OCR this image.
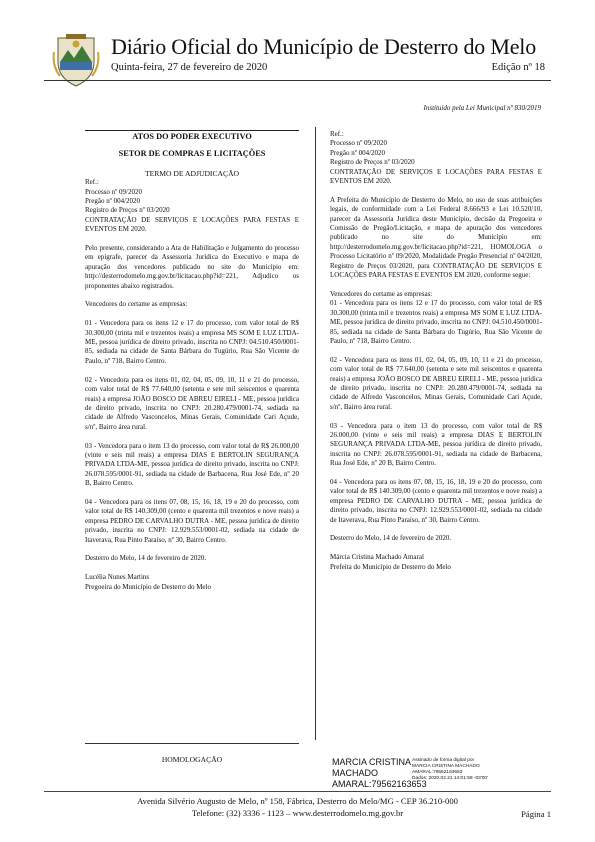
Diário Oficial do Município de Desterro do Melo
Quinta-feira, 27 de fevereiro de 2020	Edição nº 18
Instituído pela Lei Municipal nº 830/2019

ATOS DO PODER EXECUTIVO

SETOR DE COMPRAS E LICITAÇÕES

TERMO DE ADJUDICAÇÃO

Ref.:

Processo nº 09/2020

Pregão nº 004/2020

Registro de Preços nº 03/2020

CONTRATAÇÃO DE SERVIÇOS E LOCAÇÕES PARA FESTAS E EVENTOS EM 2020.

Pelo presente, considerando a Ata de Habilitação e Julgamento do processo em epígrafe, parecer da Assessoria Jurídica do Executivo e mapa de apuração dos vencedores publicado no site do Município em: http://desterrodomelo.mg.gov.br/licitacao.php?id=221, Adjudico os proponentes abaixo registrados.

Vencedores do certame as empresas:

01 - Vencedora para os itens 12 e 17 do processo, com valor total de R$ 30.300,00 (trinta mil e trezentos reais) a empresa MS SOM E LUZ LTDA-ME, pessoa jurídica de direito privado, inscrita no CNPJ: 04.510.450/0001-85, sediada na cidade de Santa Bárbara do Tugúrio, Rua São Vicente de Paulo, nº 718, Bairro Centro.

02 - Vencedora para os itens 01, 02, 04, 05, 09, 10, 11 e 21 do processo, com valor total de R$ 77.640,00 (setenta e sete mil seiscentos e quarenta reais) a empresa JOÃO BOSCO DE ABREU EIRELI - ME, pessoa jurídica de direito privado, inscrita no CNPJ: 20.280.479/0001-74, sediada na cidade de Alfredo Vasconcelos, Minas Gerais, Comunidade Cari Açude, s/nº, Bairro área rural.

03 - Vencedora para o item 13 do processo, com valor total de R$ 26.000,00 (vinte e seis mil reais) a empresa DIAS E BERTOLIN SEGURANÇA PRIVADA LTDA-ME, pessoa jurídica de direito privado, inscrita no CNPJ: 26.078.595/0001-91, sediada na cidade de Barbacena, Rua José Ede, nº 20 B, Bairro Centro.

04 - Vencedora para os itens 07, 08, 15, 16, 18, 19 e 20 do processo, com valor total de R$ 140.309,00 (cento e quarenta mil trezentos e nove reais) a empresa PEDRO DE CARVALHO DUTRA - ME, pessoa jurídica de direito privado, inscrita no CNPJ: 12.929.553/0001-02, sediada na cidade de Itaverava, Rua Pinto Paraíso, nº 30, Bairro Centro.

Desterro do Melo, 14 de fevereiro de 2020.

Lucélia Nunes Martins

Pregoeira do Município de Desterro do Melo

HOMOLOGAÇÃO

Ref.:

Processo nº 09/2020

Pregão nº 004/2020

Registro de Preços nº 03/2020

CONTRATAÇÃO DE SERVIÇOS E LOCAÇÕES PARA FESTAS E EVENTOS EM 2020.

A Prefeita do Município de Desterro do Melo, no uso de suas atribuições legais, de conformidade com a Lei Federal 8.666/93 e Lei 10.520/10, parecer da Assessoria Jurídica deste Município, decisão da Pregoeira e Comissão de Pregão/Licitação, e mapa de apuração dos vencedores publicado no site do Município em: http://desterrodomelo.mg.gov.br/licitacao.php?id=221, HOMOLOGA o Processo Licitatório nº 09/2020, Modalidade Pregão Presencial nº 04/2020, Registro de Preços 03/2020, para CONTRATAÇÃO DE SERVIÇOS E LOCAÇÕES PARA FESTAS E EVENTOS EM 2020, conforme segue:

Vencedores do certame as empresas:

01 - Vencedora para os itens 12 e 17 do processo, com valor total de R$ 30.300,00 (trinta mil e trezentos reais) a empresa MS SOM E LUZ LTDA-ME, pessoa jurídica de direito privado, inscrita no CNPJ: 04.510.450/0001-85, sediada na cidade de Santa Bárbara do Tugúrio, Rua São Vicente de Paulo, nº 718, Bairro Centro.

02 - Vencedora para os itens 01, 02, 04, 05, 09, 10, 11 e 21 do processo, com valor total de R$ 77.640,00 (setenta e sete mil seiscentos e quarenta reais) a empresa JOÃO BOSCO DE ABREU EIRELI - ME, pessoa jurídica de direito privado, inscrita no CNPJ: 20.280.479/0001-74, sediada na cidade de Alfredo Vasconcelos, Minas Gerais, Comunidade Cari Açude, s/nº, Bairro área rural.

03 - Vencedora para o item 13 do processo, com valor total de R$ 26.000,00 (vinte e seis mil reais) a empresa DIAS E BERTOLIN SEGURANÇA PRIVADA LTDA-ME, pessoa jurídica de direito privado, inscrita no CNPJ: 26.078.595/0001-91, sediada na cidade de Barbacena, Rua José Ede, nº 20 B, Bairro Centro.

04 - Vencedora para os itens 07, 08, 15, 16, 18, 19 e 20 do processo, com valor total de R$ 140.309,00 (cento e quarenta mil trezentos e nove reais) a empresa PEDRO DE CARVALHO DUTRA - ME, pessoa jurídica de direito privado, inscrita no CNPJ: 12.929.553/0001-02, sediada na cidade de Itaverava, Rua Pinto Paraíso, nº 30, Bairro Centro.

Desterro do Melo, 14 de fevereiro de 2020.

Márcia Cristina Machado Amaral

Prefeita do Município de Desterro do Melo

MARCIA CRISTINA
MACHADO
AMARAL:79562163653
Assinado de forma digital por
MARCIA CRISTINA MACHADO
AMARAL:79562163653
Dados: 2020.02.21 14:01:59 -03'00'
Avenida Silvério Augusto de Melo, nº 158, Fábrica, Desterro do Melo/MG - CEP 36.210-000
Telefone: (32) 3336 - 1123 – www.desterrodomelo.mg.gov.br	Página 1
